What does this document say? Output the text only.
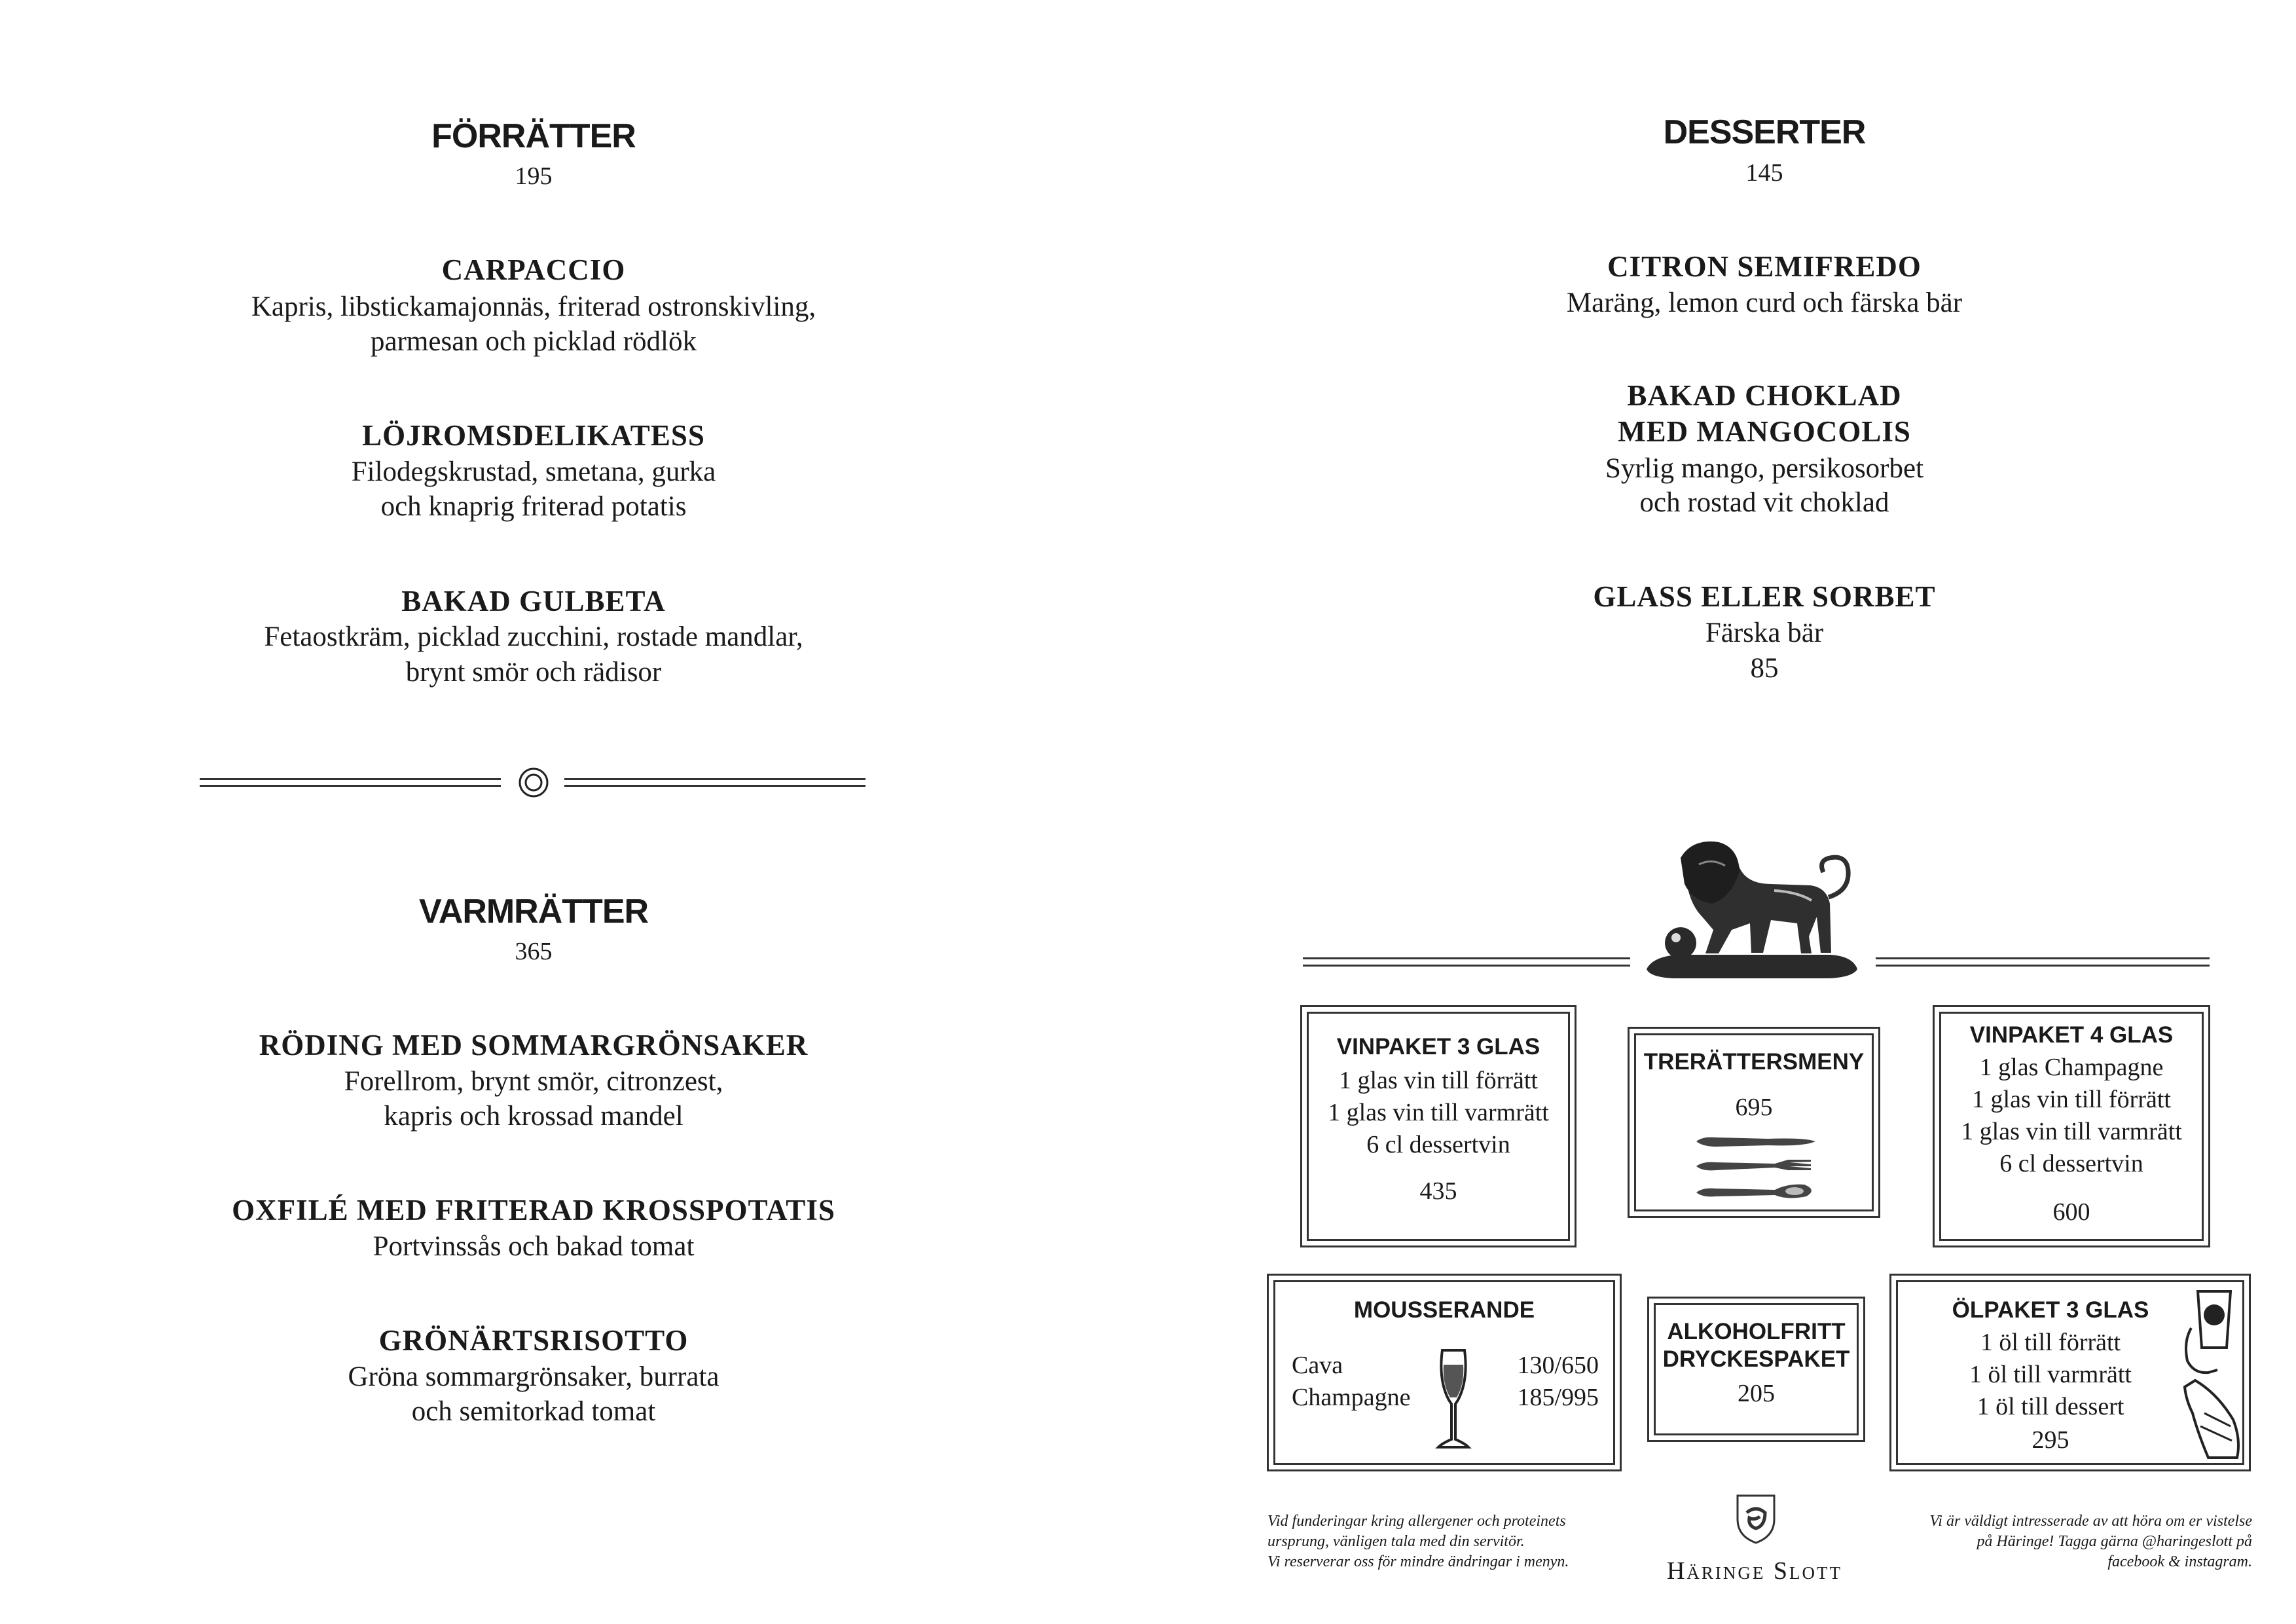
FÖRRÄTTER
195
CARPACCIO
Kapris, libstickamajonnäs, friterad ostronskivling,
parmesan och picklad rödlök
LÖJROMSDELIKATESS
Filodegskrustad, smetana, gurka
och knaprig friterad potatis
BAKAD GULBETA
Fetaostkräm, picklad zucchini, rostade mandlar,
brynt smör och rädisor
VARMRÄTTER
365
RÖDING MED SOMMARGRÖNSAKER
Forellrom, brynt smör, citronzest,
kapris och krossad mandel
OXFILÉ MED FRITERAD KROSSPOTATIS
Portvinssås och bakad tomat
GRÖNÄRTSRISOTTO
Gröna sommargrönsaker, burrata
och semitorkad tomat
DESSERTER
145
CITRON SEMIFREDO
Maräng, lemon curd och färska bär
BAKAD CHOKLAD
MED MANGOCOLIS
Syrlig mango, persikosorbet
och rostad vit choklad
GLASS ELLER SORBET
Färska bär
85
VINPAKET 3 GLAS
1 glas vin till förrätt
1 glas vin till varmrätt
6 cl dessertvin
435
TRERÄTTERSMENY
695
VINPAKET 4 GLAS
1 glas Champagne
1 glas vin till förrätt
1 glas vin till varmrätt
6 cl dessertvin
600
MOUSSERANDE
Cava	130/650
Champagne	185/995
ALKOHOLFRITT
DRYCKESPAKET
205
ÖLPAKET 3 GLAS
1 öl till förrätt
1 öl till varmrätt
1 öl till dessert
295
Vid funderingar kring allergener och proteinets
ursprung, vänligen tala med din servitör.
Vi reserverar oss för mindre ändringar i menyn.	Häringe Slott
Vi är väldigt intresserade av att höra om er vistelse
på Häringe! Tagga gärna @haringeslott på
facebook & instagram.
